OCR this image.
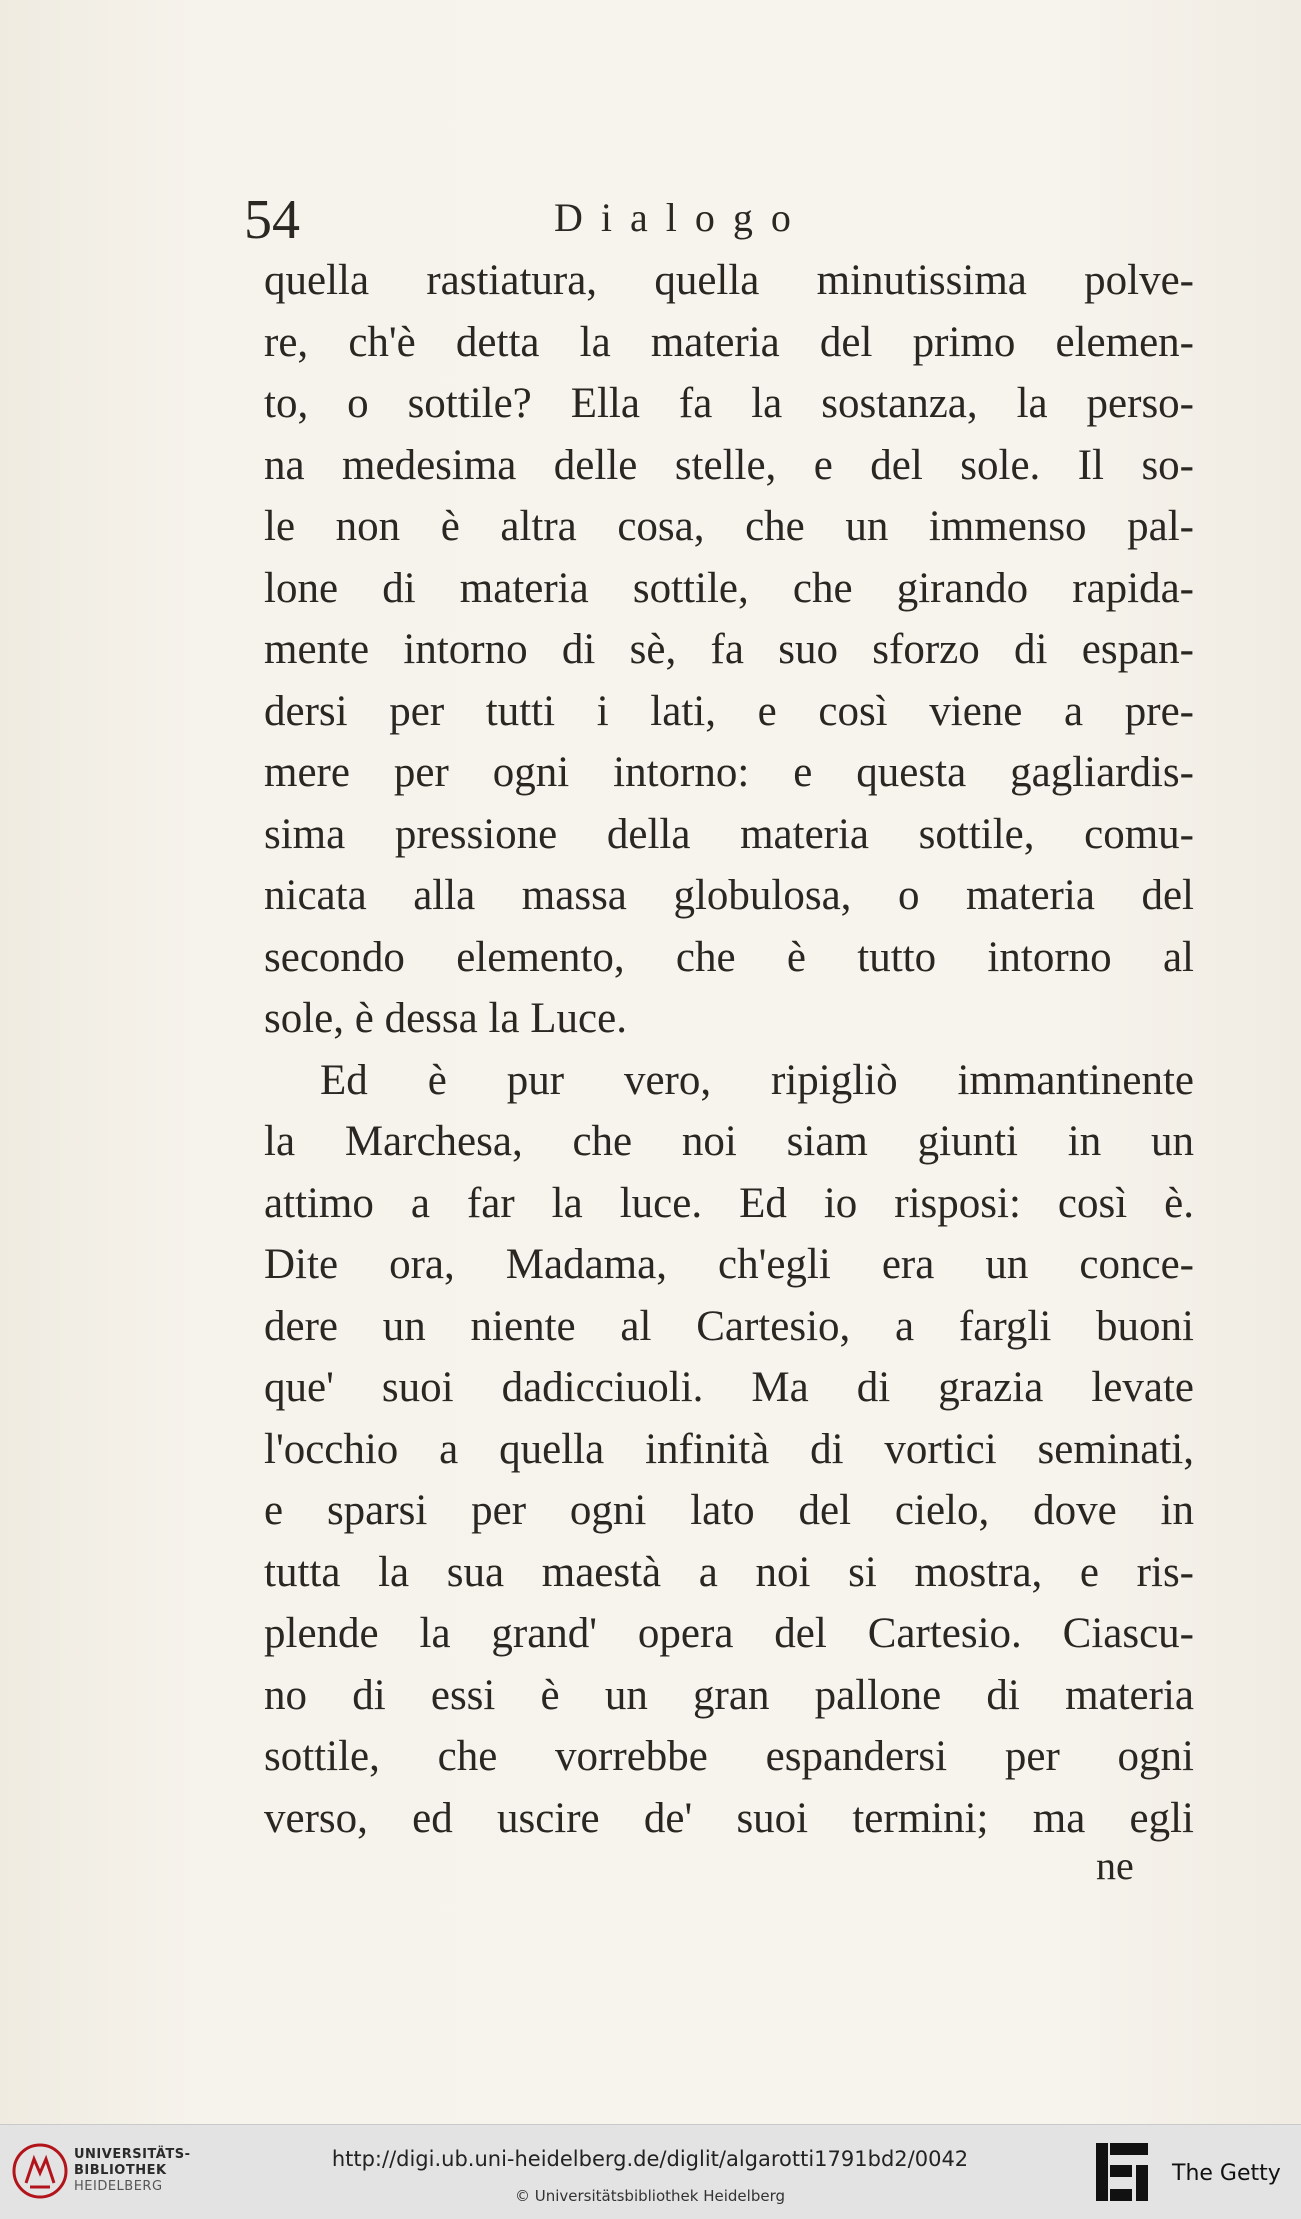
54	Dialogo
quella rastiatura, quella minutissima polve-
re, ch'è detta la materia del primo elemen-
to, o sottile? Ella fa la sostanza, la perso-
na medesima delle stelle, e del sole. Il so-
le non è altra cosa, che un immenso pal-
lone di materia sottile, che girando rapida-
mente intorno di sè, fa suo sforzo di espan-
dersi per tutti i lati, e così viene a pre-
mere per ogni intorno: e questa gagliardis-
sima pressione della materia sottile, comu-
nicata alla massa globulosa, o materia del
secondo elemento, che è tutto intorno al
sole, è dessa la Luce.
Ed è pur vero, ripigliò immantinente
la Marchesa, che noi siam giunti in un
attimo a far la luce. Ed io risposi: così è.
Dite ora, Madama, ch'egli era un conce-
dere un niente al Cartesio, a fargli buoni
que' suoi dadicciuoli. Ma di grazia levate
l'occhio a quella infinità di vortici seminati,
e sparsi per ogni lato del cielo, dove in
tutta la sua maestà a noi si mostra, e ris-
plende la grand' opera del Cartesio. Ciascu-
no di essi è un gran pallone di materia
sottile, che vorrebbe espandersi per ogni
verso, ed uscire de' suoi termini; ma egli
ne
UNIVERSITÄTS-
BIBLIOTHEK
HEIDELBERG
http://digi.ub.uni-heidelberg.de/diglit/algarotti1791bd2/0042
© Universitätsbibliothek Heidelberg
The Getty
